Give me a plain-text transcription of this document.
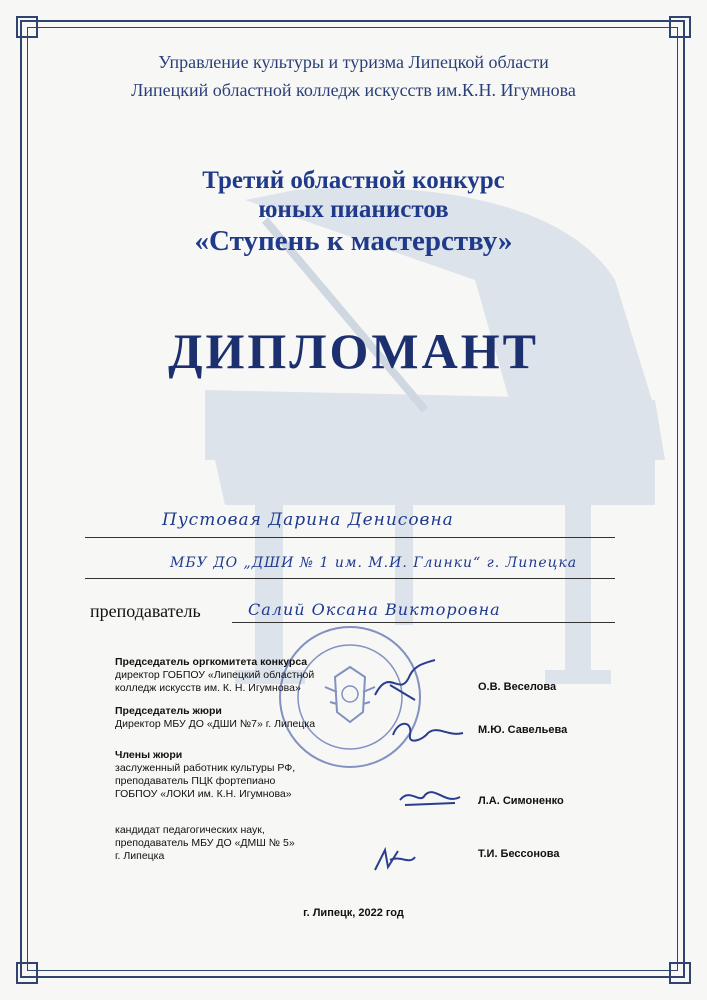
Управление культуры и туризма Липецкой области
Липецкий областной колледж искусств им.К.Н. Игумнова
Третий областной конкурс
юных пианистов
«Ступень к мастерству»
ДИПЛОМАНТ
Пустовая Дарина Денисовна
МБУ ДО „ДШИ № 1 им. М.И. Глинки“ г. Липецка
преподаватель	Салий Оксана Викторовна
Председатель оргкомитета конкурса
директор ГОБПОУ «Липецкий областной
колледж искусств им. К. Н. Игумнова»	О.В. Веселова
Председатель жюри
Директор МБУ ДО «ДШИ №7» г. Липецка	М.Ю. Савельева
Члены жюри
заслуженный работник культуры РФ,
преподаватель ПЦК фортепиано
ГОБПОУ «ЛОКИ им. К.Н. Игумнова»
Л.А. Симоненко
кандидат педагогических наук,
преподаватель МБУ ДО «ДМШ № 5»
г. Липецка	Т.И. Бессонова
г. Липецк, 2022 год
